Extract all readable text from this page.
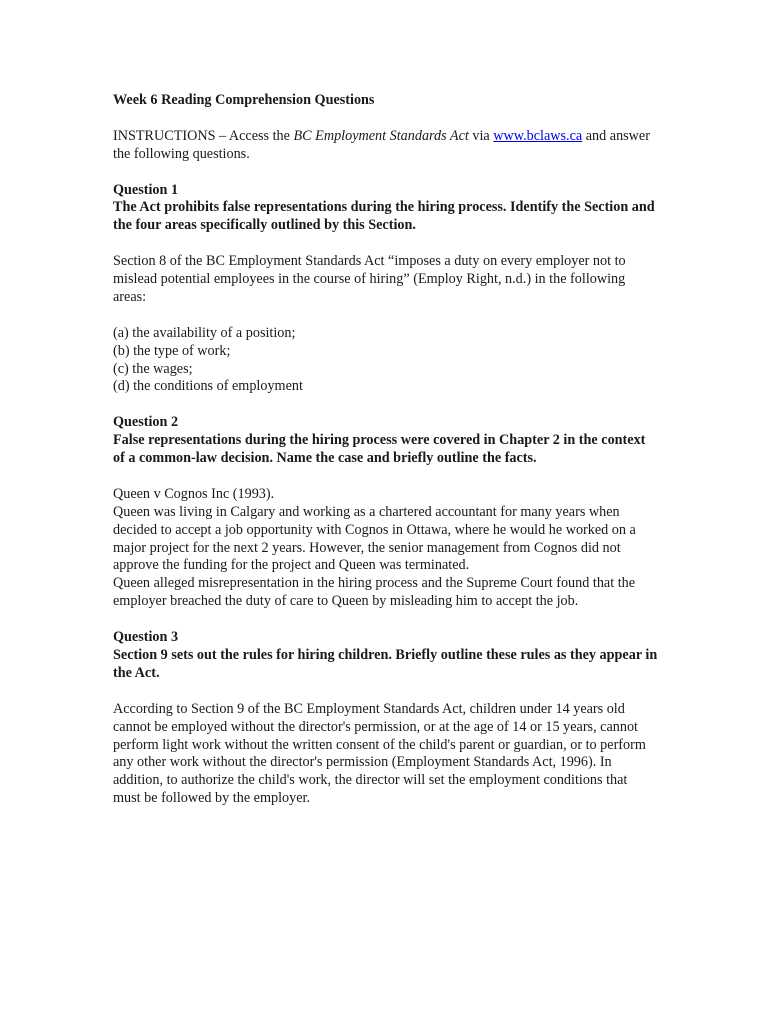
Week 6 Reading Comprehension Questions

INSTRUCTIONS – Access the BC Employment Standards Act via www.bclaws.ca and answer the following questions.

Question 1
The Act prohibits false representations during the hiring process. Identify the Section and the four areas specifically outlined by this Section.

Section 8 of the BC Employment Standards Act “imposes a duty on every employer not to mislead potential employees in the course of hiring” (Employ Right, n.d.) in the following areas:

(a) the availability of a position;
(b) the type of work;
(c) the wages;
(d) the conditions of employment

Question 2
False representations during the hiring process were covered in Chapter 2 in the context of a common-law decision. Name the case and briefly outline the facts.

Queen v Cognos Inc (1993).
Queen was living in Calgary and working as a chartered accountant for many years when decided to accept a job opportunity with Cognos in Ottawa, where he would he worked on a major project for the next 2 years. However, the senior management from Cognos did not approve the funding for the project and Queen was terminated.
Queen alleged misrepresentation in the hiring process and the Supreme Court found that the employer breached the duty of care to Queen by misleading him to accept the job.

Question 3
Section 9 sets out the rules for hiring children. Briefly outline these rules as they appear in the Act.

According to Section 9 of the BC Employment Standards Act, children under 14 years old cannot be employed without the director's permission, or at the age of 14 or 15 years, cannot perform light work without the written consent of the child's parent or guardian, or to perform any other work without the director's permission (Employment Standards Act, 1996). In addition, to authorize the child's work, the director will set the employment conditions that must be followed by the employer.
